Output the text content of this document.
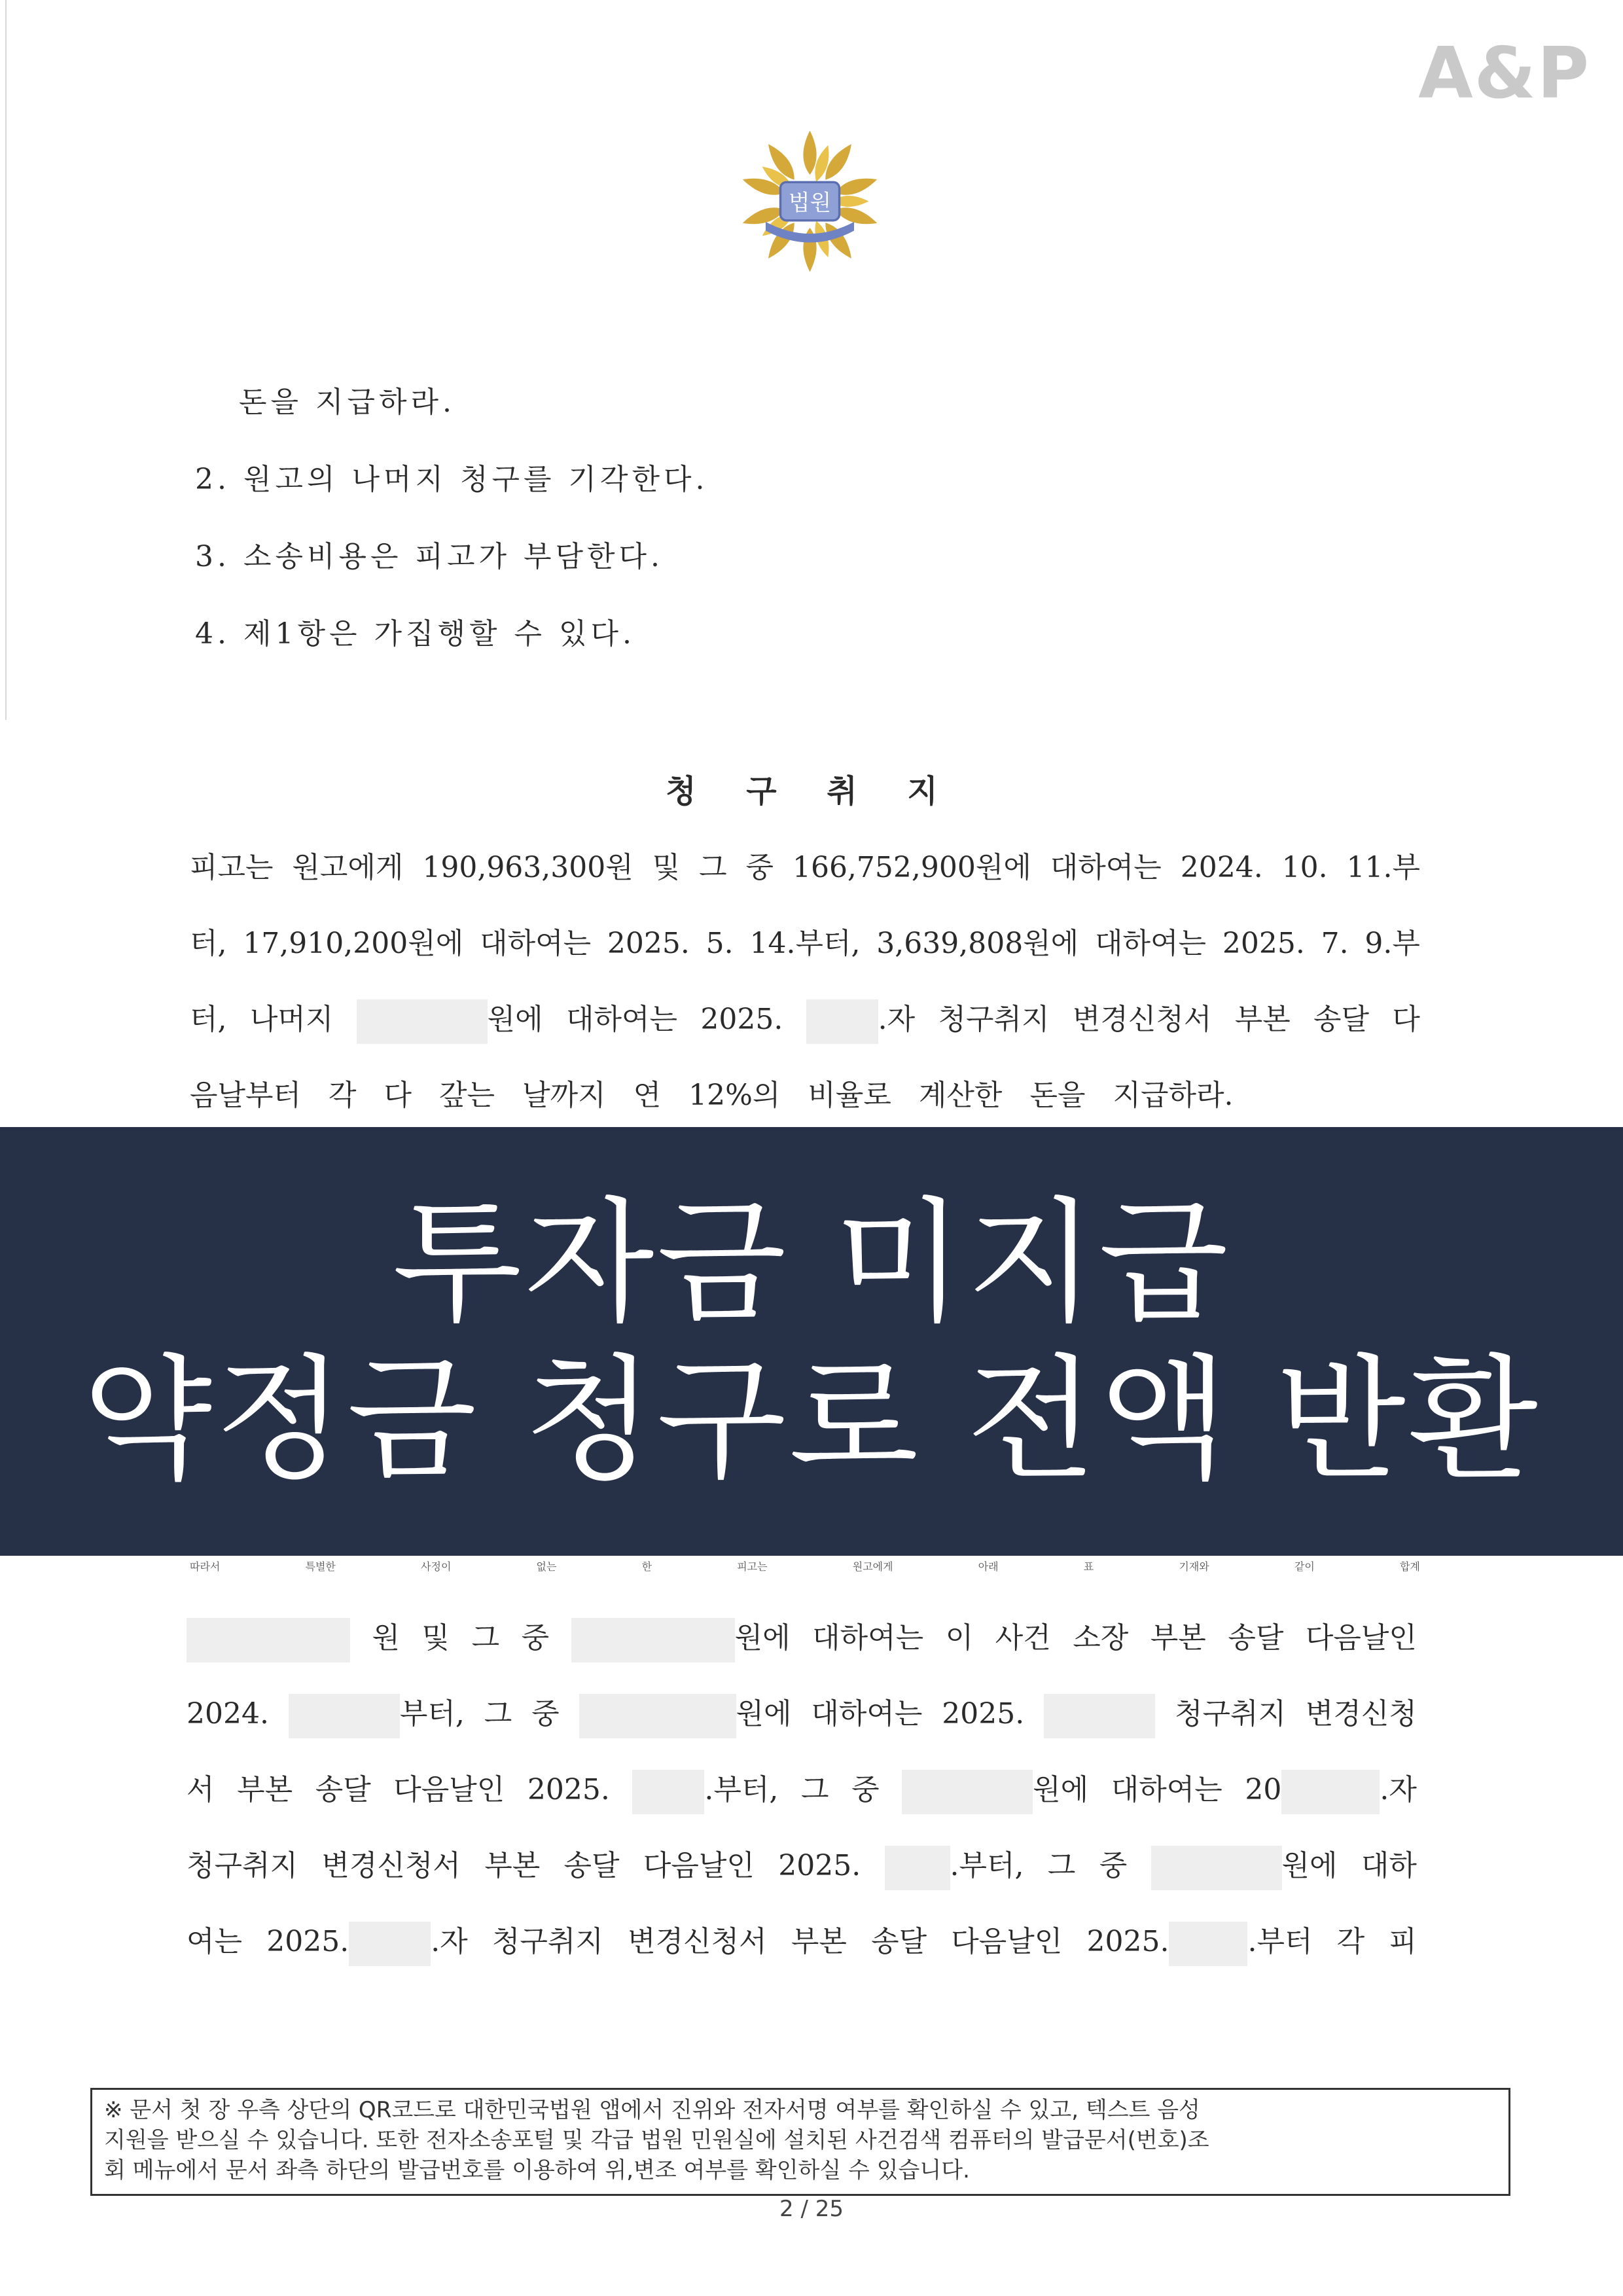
A&P
법원
돈을 지급하라.
2. 원고의 나머지 청구를 기각한다.
3. 소송비용은 피고가 부담한다.
4. 제1항은 가집행할 수 있다.
청 구 취 지
피고는 원고에게 190,963,300원 및 그 중 166,752,900원에 대하여는 2024. 10. 11.부
터, 17,910,200원에 대하여는 2025. 5. 14.부터, 3,639,808원에 대하여는 2025. 7. 9.부
터, 나머지	원에 대하여는 2025.	.자 청구취지 변경신청서 부본 송달 다
음날부터 각 다 갚는 날까지 연 12%의 비율로 계산한 돈을 지급하라.
따라서	특별한	사정이	없는	한	피고는	원고에게	아래	표	기재와	같이	합계
투자금 미지급
약정금 청구로 전액 반환
원 및 그 중	원에 대하여는 이 사건 소장 부본 송달 다음날인
2024.	부터, 그 중	원에 대하여는 2025.	청구취지 변경신청
서 부본 송달 다음날인 2025.	.부터, 그 중	원에 대하여는 20	.자
청구취지 변경신청서 부본 송달 다음날인 2025.	.부터, 그 중	원에 대하
여는 2025.	.자 청구취지 변경신청서 부본 송달 다음날인 2025.	.부터 각 피
※ 문서 첫 장 우측 상단의 QR코드로 대한민국법원 앱에서 진위와 전자서명 여부를 확인하실 수 있고, 텍스트 음성
지원을 받으실 수 있습니다. 또한 전자소송포털 및 각급 법원 민원실에 설치된 사건검색 컴퓨터의 발급문서(번호)조
회 메뉴에서 문서 좌측 하단의 발급번호를 이용하여 위,변조 여부를 확인하실 수 있습니다.
2 / 25
